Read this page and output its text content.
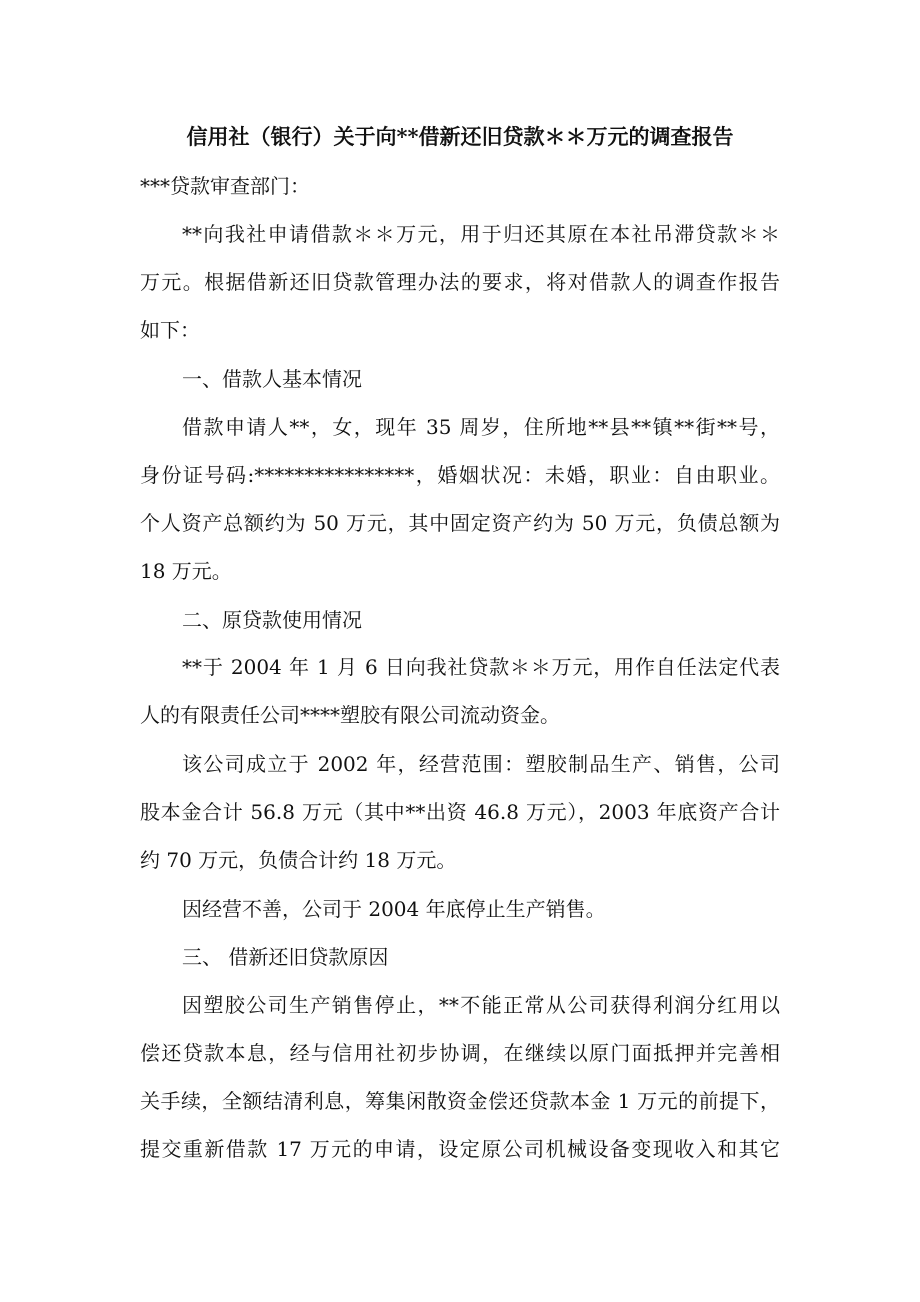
信用社（银行）关于向**借新还旧贷款＊＊万元的调查报告
***贷款审查部门：
**向我社申请借款＊＊万元，用于归还其原在本社吊滞贷款＊＊
万元。根据借新还旧贷款管理办法的要求，将对借款人的调查作报告
如下：
一、借款人基本情况
借款申请人**，女，现年 35 周岁，住所地**县**镇**街**号，
身份证号码:****************，婚姻状况：未婚，职业：自由职业。
个人资产总额约为 50 万元，其中固定资产约为 50 万元，负债总额为
18 万元。
二、原贷款使用情况
**于 2004 年 1 月 6 日向我社贷款＊＊万元，用作自任法定代表
人的有限责任公司****塑胶有限公司流动资金。
该公司成立于 2002 年，经营范围：塑胶制品生产、销售，公司
股本金合计 56.8 万元（其中**出资 46.8 万元），2003 年底资产合计
约 70 万元，负债合计约 18 万元。
因经营不善，公司于 2004 年底停止生产销售。
三、 借新还旧贷款原因
因塑胶公司生产销售停止，**不能正常从公司获得利润分红用以
偿还贷款本息，经与信用社初步协调，在继续以原门面抵押并完善相
关手续，全额结清利息，筹集闲散资金偿还贷款本金 1 万元的前提下，
提交重新借款 17 万元的申请，设定原公司机械设备变现收入和其它
